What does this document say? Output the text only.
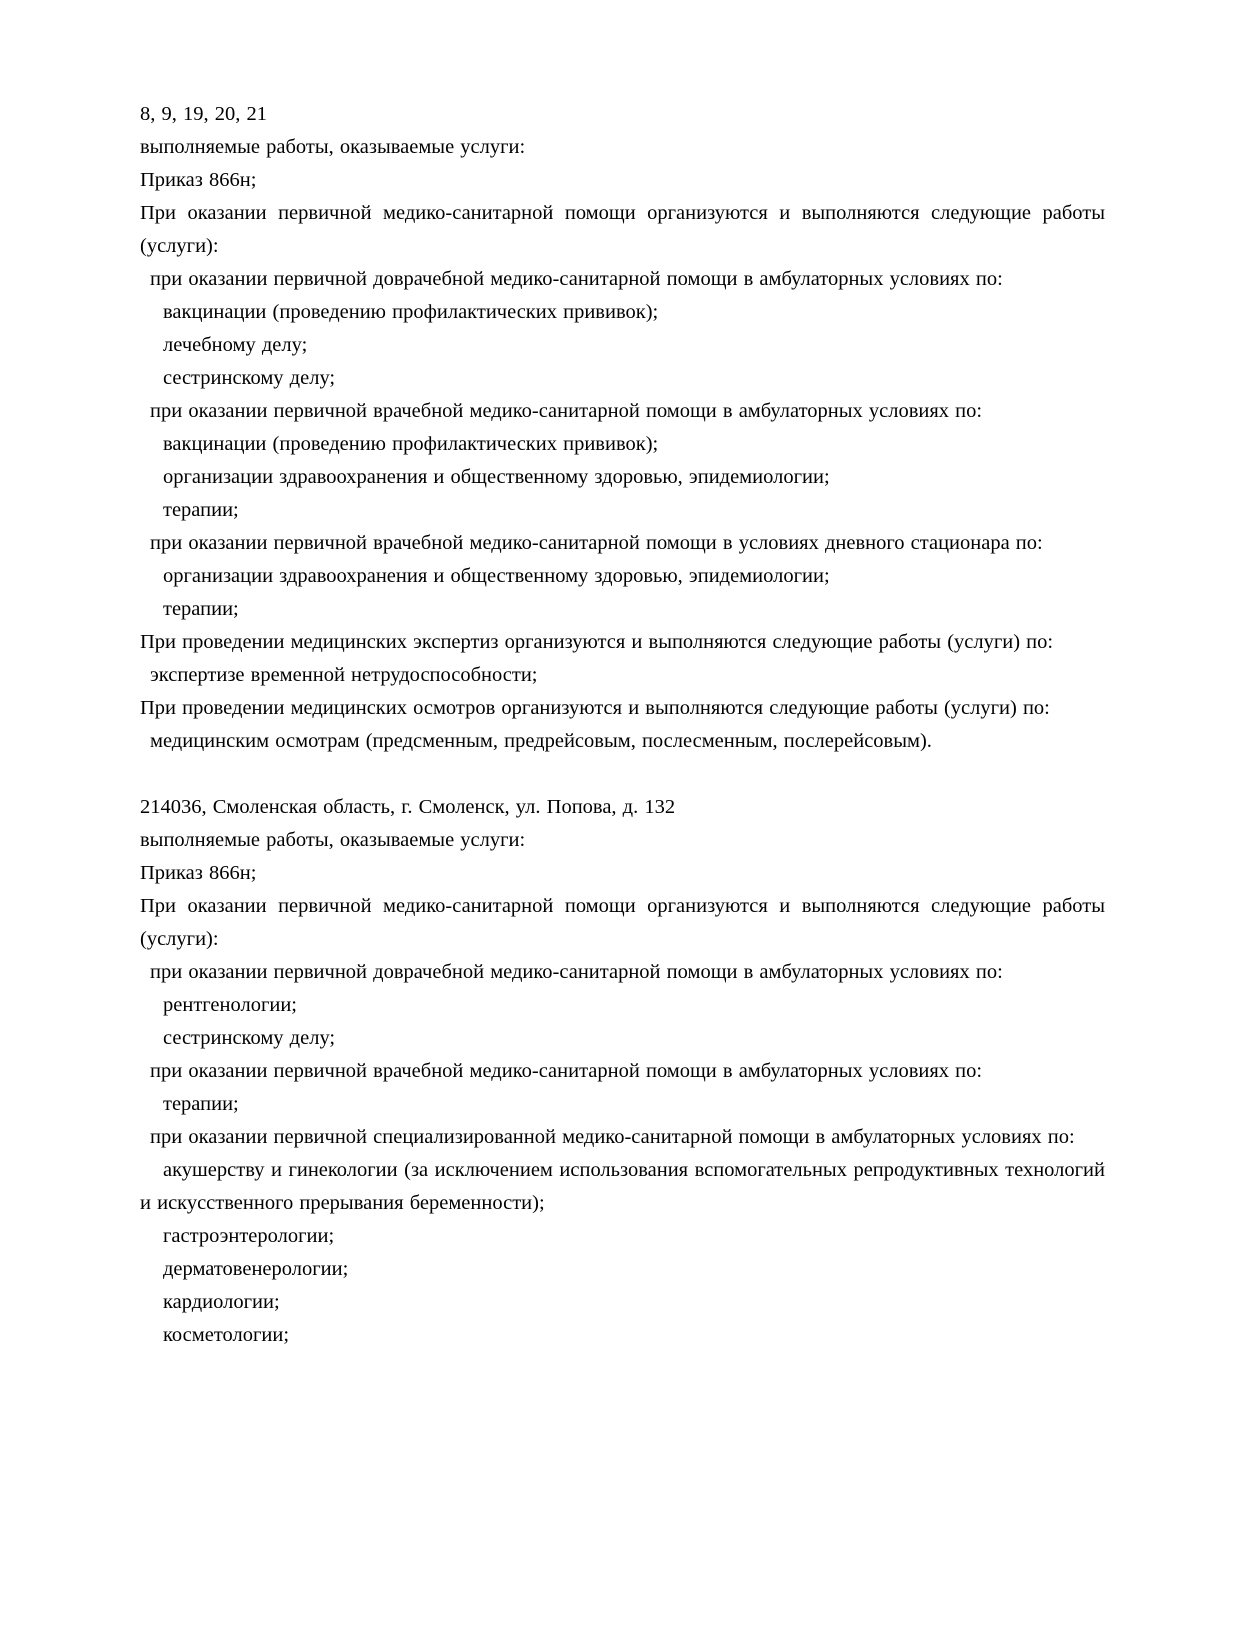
8, 9, 19, 20, 21

выполняемые работы, оказываемые услуги:

Приказ 866н;

При оказании первичной медико-санитарной помощи организуются и выполняются следующие работы (услуги):

при оказании первичной доврачебной медико-санитарной помощи в амбулаторных условиях по:

вакцинации (проведению профилактических прививок);

лечебному делу;

сестринскому делу;

при оказании первичной врачебной медико-санитарной помощи в амбулаторных условиях по:

вакцинации (проведению профилактических прививок);

организации здравоохранения и общественному здоровью, эпидемиологии;

терапии;

при оказании первичной врачебной медико-санитарной помощи в условиях дневного стационара по:

организации здравоохранения и общественному здоровью, эпидемиологии;

терапии;

При проведении медицинских экспертиз организуются и выполняются следующие работы (услуги) по:

экспертизе временной нетрудоспособности;

При проведении медицинских осмотров организуются и выполняются следующие работы (услуги) по:

медицинским осмотрам (предсменным, предрейсовым, послесменным, послерейсовым).

214036, Смоленская область, г. Смоленск, ул. Попова, д. 132

выполняемые работы, оказываемые услуги:

Приказ 866н;

При оказании первичной медико-санитарной помощи организуются и выполняются следующие работы (услуги):

при оказании первичной доврачебной медико-санитарной помощи в амбулаторных условиях по:

рентгенологии;

сестринскому делу;

при оказании первичной врачебной медико-санитарной помощи в амбулаторных условиях по:

терапии;

при оказании первичной специализированной медико-санитарной помощи в амбулаторных условиях по:

акушерству и гинекологии (за исключением использования вспомогательных репродуктивных технологий и искусственного прерывания беременности);

гастроэнтерологии;

дерматовенерологии;

кардиологии;

косметологии;
